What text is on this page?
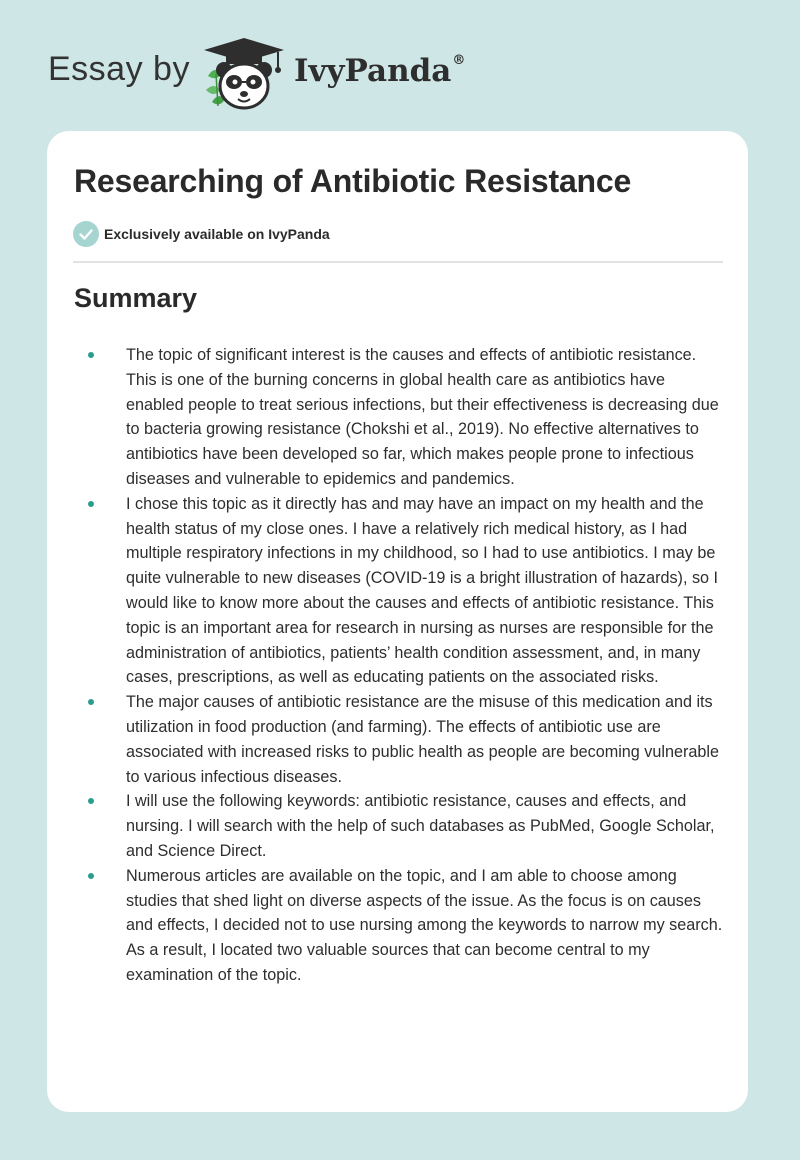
Essay by	IvyPanda®
Researching of Antibiotic Resistance
Exclusively available on IvyPanda
Summary
The topic of significant interest is the causes and effects of antibiotic resistance. This is one of the burning concerns in global health care as antibiotics have enabled people to treat serious infections, but their effectiveness is decreasing due to bacteria growing resistance (Chokshi et al., 2019). No effective alternatives to antibiotics have been developed so far, which makes people prone to infectious diseases and vulnerable to epidemics and pandemics.
I chose this topic as it directly has and may have an impact on my health and the health status of my close ones. I have a relatively rich medical history, as I had multiple respiratory infections in my childhood, so I had to use antibiotics. I may be quite vulnerable to new diseases (COVID-19 is a bright illustration of hazards), so I would like to know more about the causes and effects of antibiotic resistance. This topic is an important area for research in nursing as nurses are responsible for the administration of antibiotics, patients’ health condition assessment, and, in many cases, prescriptions, as well as educating patients on the associated risks.
The major causes of antibiotic resistance are the misuse of this medication and its utilization in food production (and farming). The effects of antibiotic use are associated with increased risks to public health as people are becoming vulnerable to various infectious diseases.
I will use the following keywords: antibiotic resistance, causes and effects, and nursing. I will search with the help of such databases as PubMed, Google Scholar, and Science Direct.
Numerous articles are available on the topic, and I am able to choose among studies that shed light on diverse aspects of the issue. As the focus is on causes and effects, I decided not to use nursing among the keywords to narrow my search. As a result, I located two valuable sources that can become central to my examination of the topic.
